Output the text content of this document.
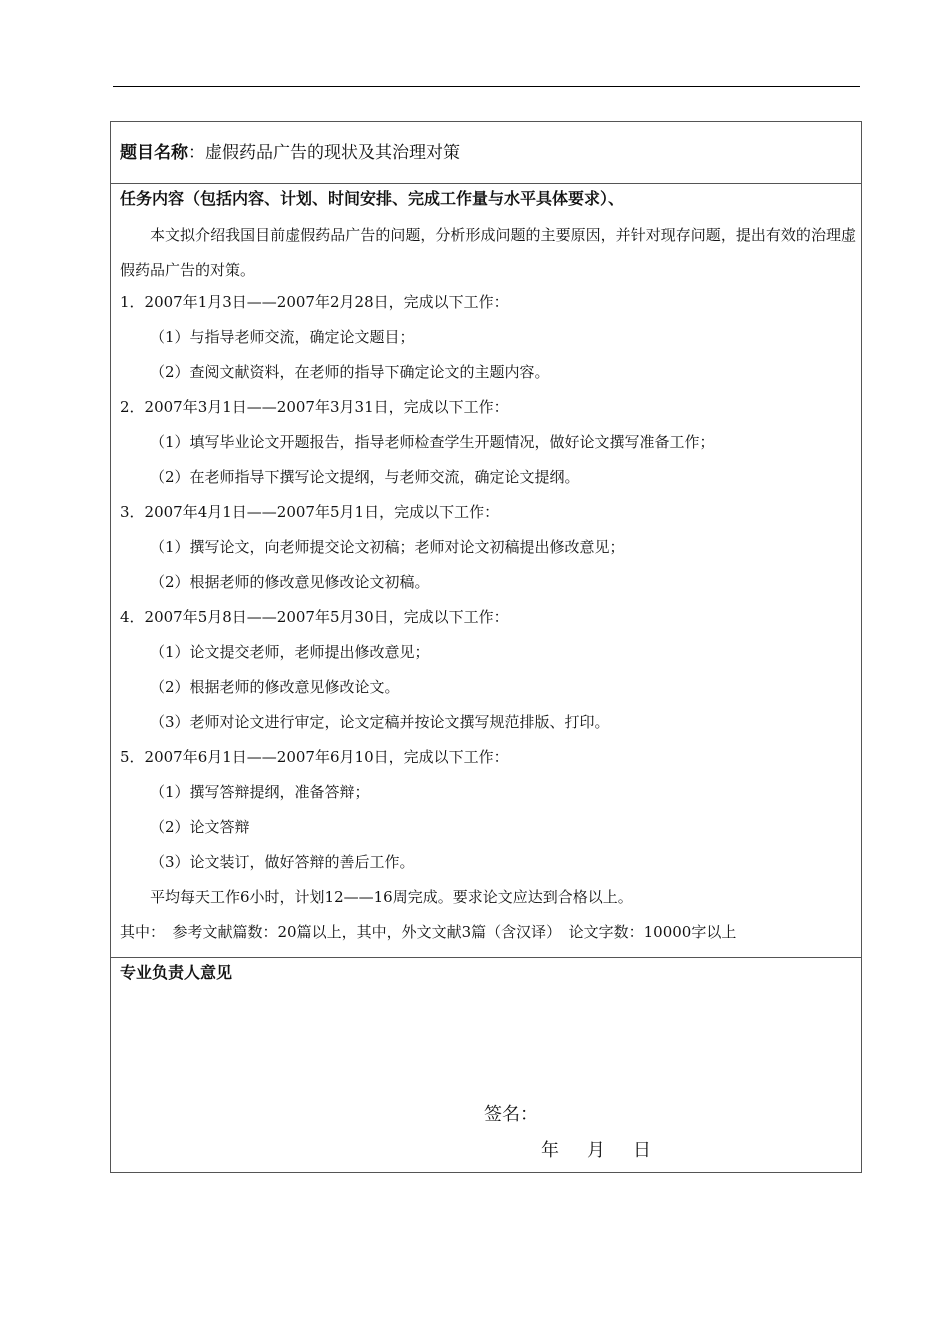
题目名称：虚假药品广告的现状及其治理对策
任务内容（包括内容、计划、时间安排、完成工作量与水平具体要求）、
本文拟介绍我国目前虚假药品广告的问题，分析形成问题的主要原因，并针对现存问题，提出有效的治理虚假药品广告的对策。
1．2007年1月3日——2007年2月28日，完成以下工作：
（1）与指导老师交流，确定论文题目；
（2）查阅文献资料，在老师的指导下确定论文的主题内容。
2．2007年3月1日——2007年3月31日，完成以下工作：
（1）填写毕业论文开题报告，指导老师检查学生开题情况，做好论文撰写准备工作；
（2）在老师指导下撰写论文提纲，与老师交流，确定论文提纲。
3．2007年4月1日——2007年5月1日，完成以下工作：
（1）撰写论文，向老师提交论文初稿；老师对论文初稿提出修改意见；
（2）根据老师的修改意见修改论文初稿。
4．2007年5月8日——2007年5月30日，完成以下工作：
（1）论文提交老师，老师提出修改意见；
（2）根据老师的修改意见修改论文。
（3）老师对论文进行审定，论文定稿并按论文撰写规范排版、打印。
5．2007年6月1日——2007年6月10日，完成以下工作：
（1）撰写答辩提纲，准备答辩；
（2）论文答辩
（3）论文装订，做好答辩的善后工作。
平均每天工作6小时，计划12——16周完成。要求论文应达到合格以上。
其中：　参考文献篇数：20篇以上，其中，外文文献3篇（含汉译）　论文字数：10000字以上
专业负责人意见
签名：
年 月 日
